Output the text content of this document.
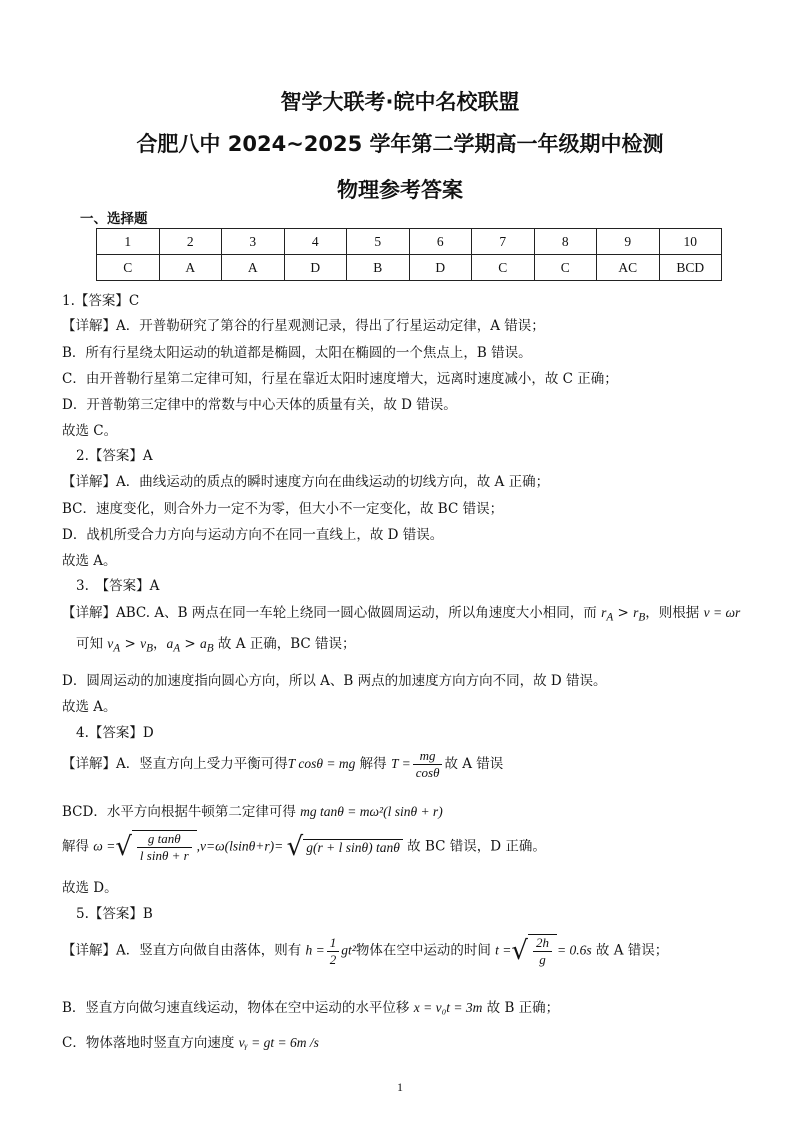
智学大联考·皖中名校联盟
合肥八中 2024~2025 学年第二学期高一年级期中检测
物理参考答案
一、选择题
1	2	3	4	5	6	7	8	9	10
C	A	A	D	B	D	C	C	AC	BCD
1.【答案】C
【详解】A．开普勒研究了第谷的行星观测记录，得出了行星运动定律，A 错误；
B．所有行星绕太阳运动的轨道都是椭圆，太阳在椭圆的一个焦点上，B 错误。
C．由开普勒行星第二定律可知，行星在靠近太阳时速度增大，远离时速度减小，故 C 正确；
D．开普勒第三定律中的常数与中心天体的质量有关，故 D 错误。
故选 C。
2.【答案】A
【详解】A．曲线运动的质点的瞬时速度方向在曲线运动的切线方向，故 A 正确；
BC．速度变化，则合外力一定不为零，但大小不一定变化，故 BC 错误；
D．战机所受合力方向与运动方向不在同一直线上，故 D 错误。
故选 A。
3.　【答案】A
【详解】ABC. A、B 两点在同一车轮上绕同一圆心做圆周运动，所以角速度大小相同，而 $r_A > r_B$，则根据 v = ωr
可知 $v_A > v_B$，$a_A > a_B$ 故 A 正确，BC 错误；
D．圆周运动的加速度指向圆心方向，所以 A、B 两点的加速度方向方向不同，故 D 错误。
故选 A。
4.【答案】D
【详解】A．竖直方向上受力平衡可得T cosθ = mg 解得 $T = \frac{mg}{\cos\theta}$ 故 A 错误
BCD．水平方向根据牛顿第二定律可得 mg tanθ = mω²(l sinθ + r)
解得 ω =√ $\frac{\text{g tanθ}}{\text{l sinθ + r}} ,v=\omega(lsin\theta+r)=$ √ g(r + l sinθ) tanθ 故 BC 错误，D 正确。
故选 D。
5.【答案】B
【详解】A．竖直方向做自由落体，则有 $h = \frac{1}{2} gt^2$物体在空中运动的时间 t =√ $\frac{2h}{g} = 0.6s$ 故 A 错误；
B．竖直方向做匀速直线运动，物体在空中运动的水平位移 x = v₀t = 3m 故 B 正确；
C．物体落地时竖直方向速度 vᵧ = gt = 6m /s
1
